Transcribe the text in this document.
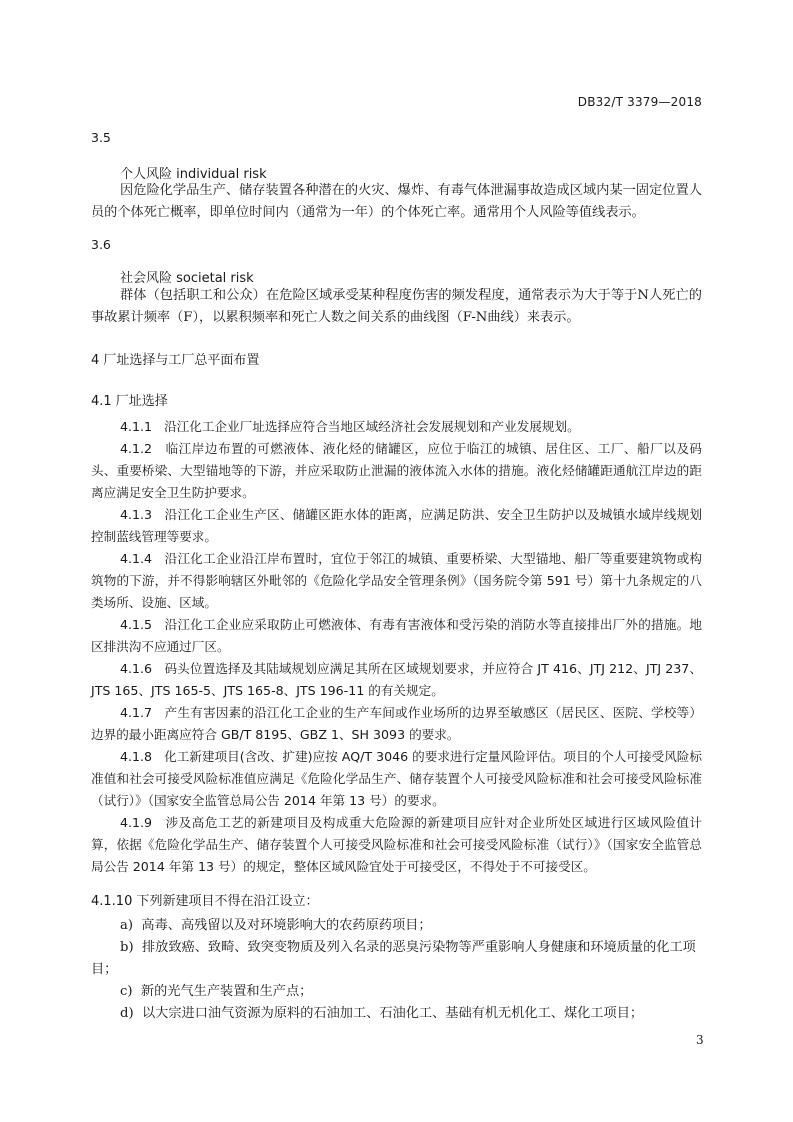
DB32/T 3379—2018
3.5
个人风险 individual risk
因危险化学品生产、储存装置各种潜在的火灾、爆炸、有毒气体泄漏事故造成区域内某一固定位置人员的个体死亡概率，即单位时间内（通常为一年）的个体死亡率。通常用个人风险等值线表示。
3.6
社会风险 societal risk
群体（包括职工和公众）在危险区域承受某种程度伤害的频发程度，通常表示为大于等于N人死亡的事故累计频率（F），以累积频率和死亡人数之间关系的曲线图（F-N曲线）来表示。
4 厂址选择与工厂总平面布置
4.1 厂址选择
4.1.1 沿江化工企业厂址选择应符合当地区域经济社会发展规划和产业发展规划。
4.1.2 临江岸边布置的可燃液体、液化烃的储罐区，应位于临江的城镇、居住区、工厂、船厂以及码头、重要桥梁、大型锚地等的下游，并应采取防止泄漏的液体流入水体的措施。液化烃储罐距通航江岸边的距离应满足安全卫生防护要求。
4.1.3 沿江化工企业生产区、储罐区距水体的距离，应满足防洪、安全卫生防护以及城镇水域岸线规划控制蓝线管理等要求。
4.1.4 沿江化工企业沿江岸布置时，宜位于邻江的城镇、重要桥梁、大型锚地、船厂等重要建筑物或构筑物的下游，并不得影响辖区外毗邻的《危险化学品安全管理条例》（国务院令第 591 号）第十九条规定的八类场所、设施、区域。
4.1.5 沿江化工企业应采取防止可燃液体、有毒有害液体和受污染的消防水等直接排出厂外的措施。地区排洪沟不应通过厂区。
4.1.6 码头位置选择及其陆域规划应满足其所在区域规划要求，并应符合 JT 416、JTJ 212、JTJ 237、JTS 165、JTS 165-5、JTS 165-8、JTS 196-11 的有关规定。
4.1.7 产生有害因素的沿江化工企业的生产车间或作业场所的边界至敏感区（居民区、医院、学校等）边界的最小距离应符合 GB/T 8195、GBZ 1、SH 3093 的要求。
4.1.8 化工新建项目(含改、扩建)应按 AQ/T 3046 的要求进行定量风险评估。项目的个人可接受风险标准值和社会可接受风险标准值应满足《危险化学品生产、储存装置个人可接受风险标准和社会可接受风险标准（试行）》（国家安全监管总局公告 2014 年第 13 号）的要求。
4.1.9 涉及高危工艺的新建项目及构成重大危险源的新建项目应针对企业所处区域进行区域风险值计算，依据《危险化学品生产、储存装置个人可接受风险标准和社会可接受风险标准（试行）》（国家安全监管总局公告 2014 年第 13 号）的规定，整体区域风险宜处于可接受区，不得处于不可接受区。
4.1.10 下列新建项目不得在沿江设立：
a) 高毒、高残留以及对环境影响大的农药原药项目；
b) 排放致癌、致畸、致突变物质及列入名录的恶臭污染物等严重影响人身健康和环境质量的化工项目；
c) 新的光气生产装置和生产点；
d) 以大宗进口油气资源为原料的石油加工、石油化工、基础有机无机化工、煤化工项目；
3
